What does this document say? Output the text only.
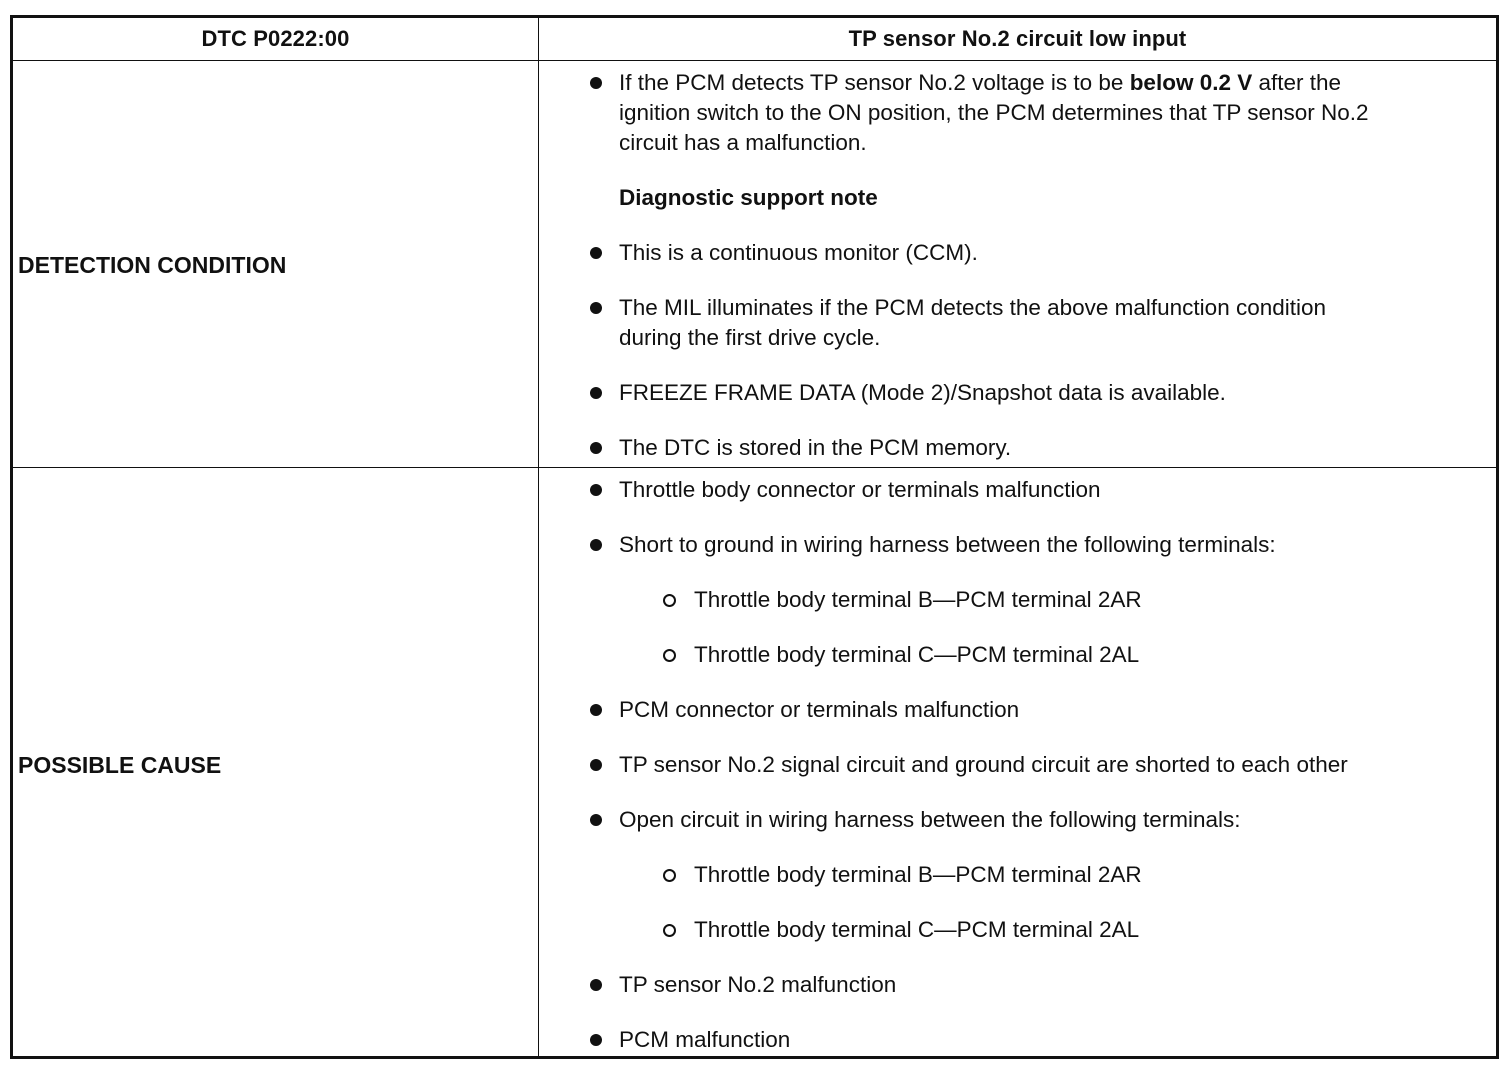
DTC P0222:00	TP sensor No.2 circuit low input
DETECTION CONDITION
If the PCM detects TP sensor No.2 voltage is to be below 0.2 V after the
ignition switch to the ON position, the PCM determines that TP sensor No.2
circuit has a malfunction.
Diagnostic support note
This is a continuous monitor (CCM).
The MIL illuminates if the PCM detects the above malfunction condition
during the first drive cycle.
FREEZE FRAME DATA (Mode 2)/Snapshot data is available.
The DTC is stored in the PCM memory.
POSSIBLE CAUSE
Throttle body connector or terminals malfunction
Short to ground in wiring harness between the following terminals:
Throttle body terminal B—PCM terminal 2AR
Throttle body terminal C—PCM terminal 2AL
PCM connector or terminals malfunction
TP sensor No.2 signal circuit and ground circuit are shorted to each other
Open circuit in wiring harness between the following terminals:
Throttle body terminal B—PCM terminal 2AR
Throttle body terminal C—PCM terminal 2AL
TP sensor No.2 malfunction
PCM malfunction
